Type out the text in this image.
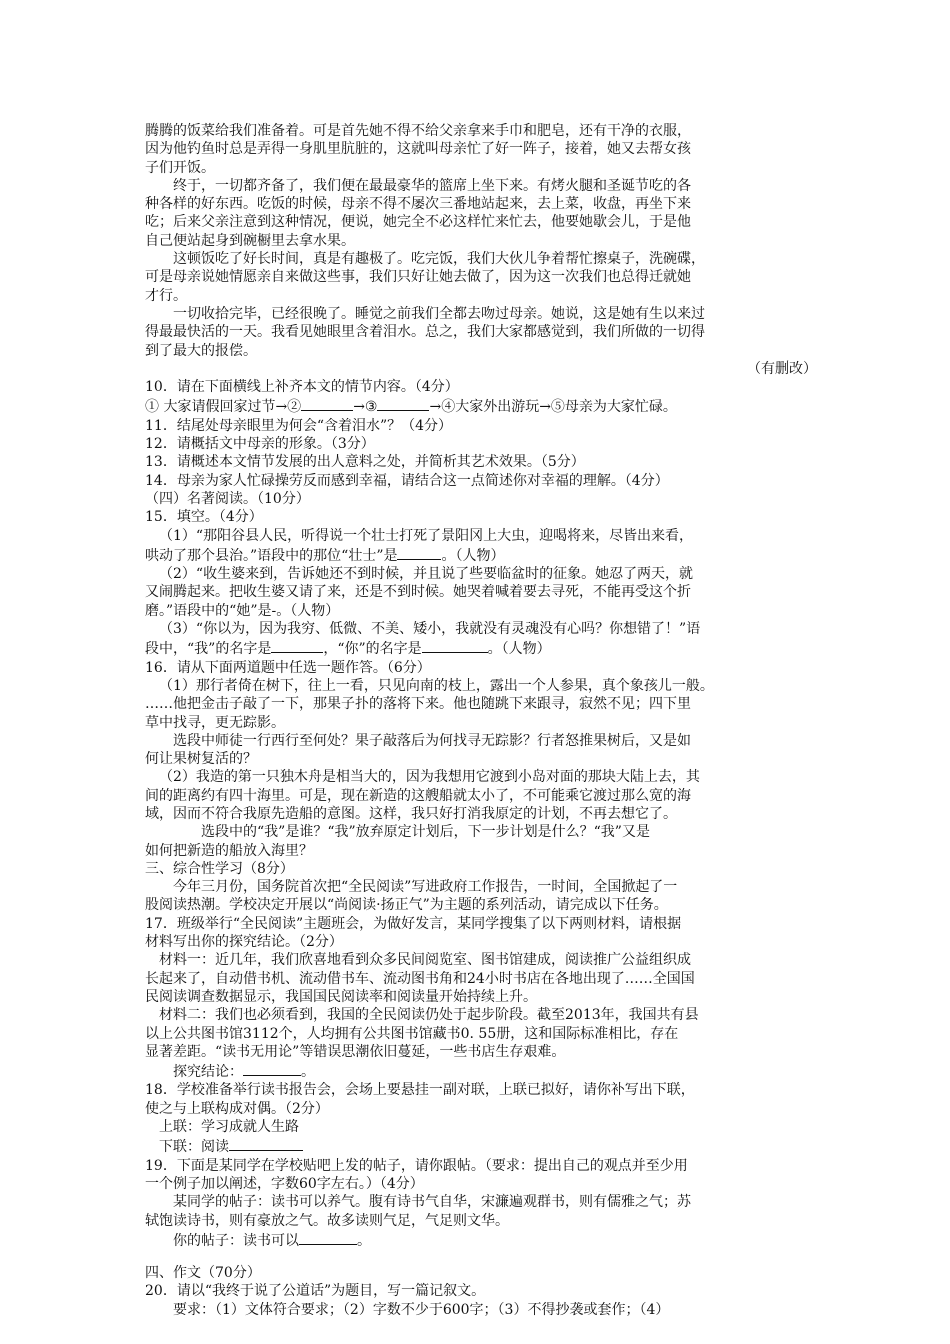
腾腾的饭菜给我们准备着。可是首先她不得不给父亲拿来手巾和肥皂，还有干净的衣服，
因为他钓鱼时总是弄得一身肌里肮脏的，这就叫母亲忙了好一阵子，接着，她又去帮女孩
子们开饭。
终于，一切都齐备了，我们便在最最豪华的篮席上坐下来。有烤火腿和圣诞节吃的各
种各样的好东西。吃饭的时候，母亲不得不屡次三番地站起来，去上菜，收盘，再坐下来
吃；后来父亲注意到这种情况，便说，她完全不必这样忙来忙去，他要她歇会儿，于是他
自己便站起身到碗橱里去拿水果。
这顿饭吃了好长时间，真是有趣极了。吃完饭，我们大伙儿争着帮忙擦桌子，洗碗碟，
可是母亲说她情愿亲自来做这些事，我们只好让她去做了，因为这一次我们也总得迁就她
才行。
一切收拾完毕，已经很晚了。睡觉之前我们全都去吻过母亲。她说，这是她有生以来过
得最最快活的一天。我看见她眼里含着泪水。总之，我们大家都感觉到，我们所做的一切得
到了最大的报偿。
（有删改）
10．请在下面横线上补齐本文的情节内容。（4分）
① 大家请假回家过节→②	→③	→④大家外出游玩→⑤母亲为大家忙碌。
11．结尾处母亲眼里为何会“含着泪水”？（4分）
12．请概括文中母亲的形象。（3分）
13．请概述本文情节发展的出人意料之处，并简析其艺术效果。（5分）
14．母亲为家人忙碌操劳反而感到幸福，请结合这一点简述你对幸福的理解。（4分）
（四）名著阅读。（10分）
15．填空。（4分）
（1）“那阳谷县人民，听得说一个壮士打死了景阳冈上大虫，迎喝将来，尽皆出来看，
哄动了那个县治。”语段中的那位“壮士”是	。（人物）
（2）“收生婆来到，告诉她还不到时候，并且说了些要临盆时的征象。她忍了两天，就
又闹腾起来。把收生婆又请了来，还是不到时候。她哭着喊着要去寻死，不能再受这个折
磨。”语段中的“她”是-。（人物）
（3）“你以为，因为我穷、低微、不美、矮小，我就没有灵魂没有心吗？你想错了！”语
段中，“我”的名字是	，“你”的名字是	。（人物）
16．请从下面两道题中任选一题作答。（6分）
（1）那行者倚在树下，往上一看，只见向南的枝上，露出一个人参果，真个象孩儿一般。
……他把金击子敲了一下，那果子扑的落将下来。他也随跳下来跟寻，寂然不见；四下里
草中找寻，更无踪影。
选段中师徒一行西行至何处？果子敲落后为何找寻无踪影？行者怒推果树后，又是如
何让果树复活的？
（2）我造的第一只独木舟是相当大的，因为我想用它渡到小岛对面的那块大陆上去，其
间的距离约有四十海里。可是，现在新造的这艘船就太小了，不可能乘它渡过那么宽的海
域，因而不符合我原先造船的意图。这样，我只好打消我原定的计划，不再去想它了。
选段中的“我”是谁？“我”放弃原定计划后，下一步计划是什么？“我”又是
如何把新造的船放入海里？
三、综合性学习（8分）
今年三月份，国务院首次把“全民阅读”写进政府工作报告，一时间，全国掀起了一
股阅读热潮。学校决定开展以“尚阅读·扬正气”为主题的系列活动，请完成以下任务。
17．班级举行“全民阅读”主题班会，为做好发言，某同学搜集了以下两则材料，请根据
材料写出你的探究结论。（2分）
材料一：近几年，我们欣喜地看到众多民间阅览室、图书馆建成，阅读推广公益组织成
长起来了，自动借书机、流动借书车、流动图书角和24小时书店在各地出现了……全国国
民阅读调查数据显示，我国国民阅读率和阅读量开始持续上升。
材料二：我们也必须看到，我国的全民阅读仍处于起步阶段。截至2013年，我国共有县
以上公共图书馆3112个，人均拥有公共图书馆藏书0. 55册，这和国际标准相比，存在
显著差距。“读书无用论”等错误思潮依旧蔓延，一些书店生存艰难。
探究结论：	。
18．学校准备举行读书报告会，会场上要悬挂一副对联，上联已拟好，请你补写出下联，
使之与上联构成对偶。（2分）
上联：学习成就人生路
下联：阅读
19．下面是某同学在学校贴吧上发的帖子，请你跟帖。（要求：提出自己的观点并至少用
一个例子加以阐述，字数60字左右。）（4分）
某同学的帖子：读书可以养气。腹有诗书气自华，宋濂遍观群书，则有儒雅之气；苏
轼饱读诗书，则有豪放之气。故多读则气足，气足则文华。
你的帖子：读书可以	。
四、作文（70分）
20．请以“我终于说了公道话”为题目，写一篇记叙文。
要求：（1）文体符合要求；（2）字数不少于600字；（3）不得抄袭或套作；（4）
